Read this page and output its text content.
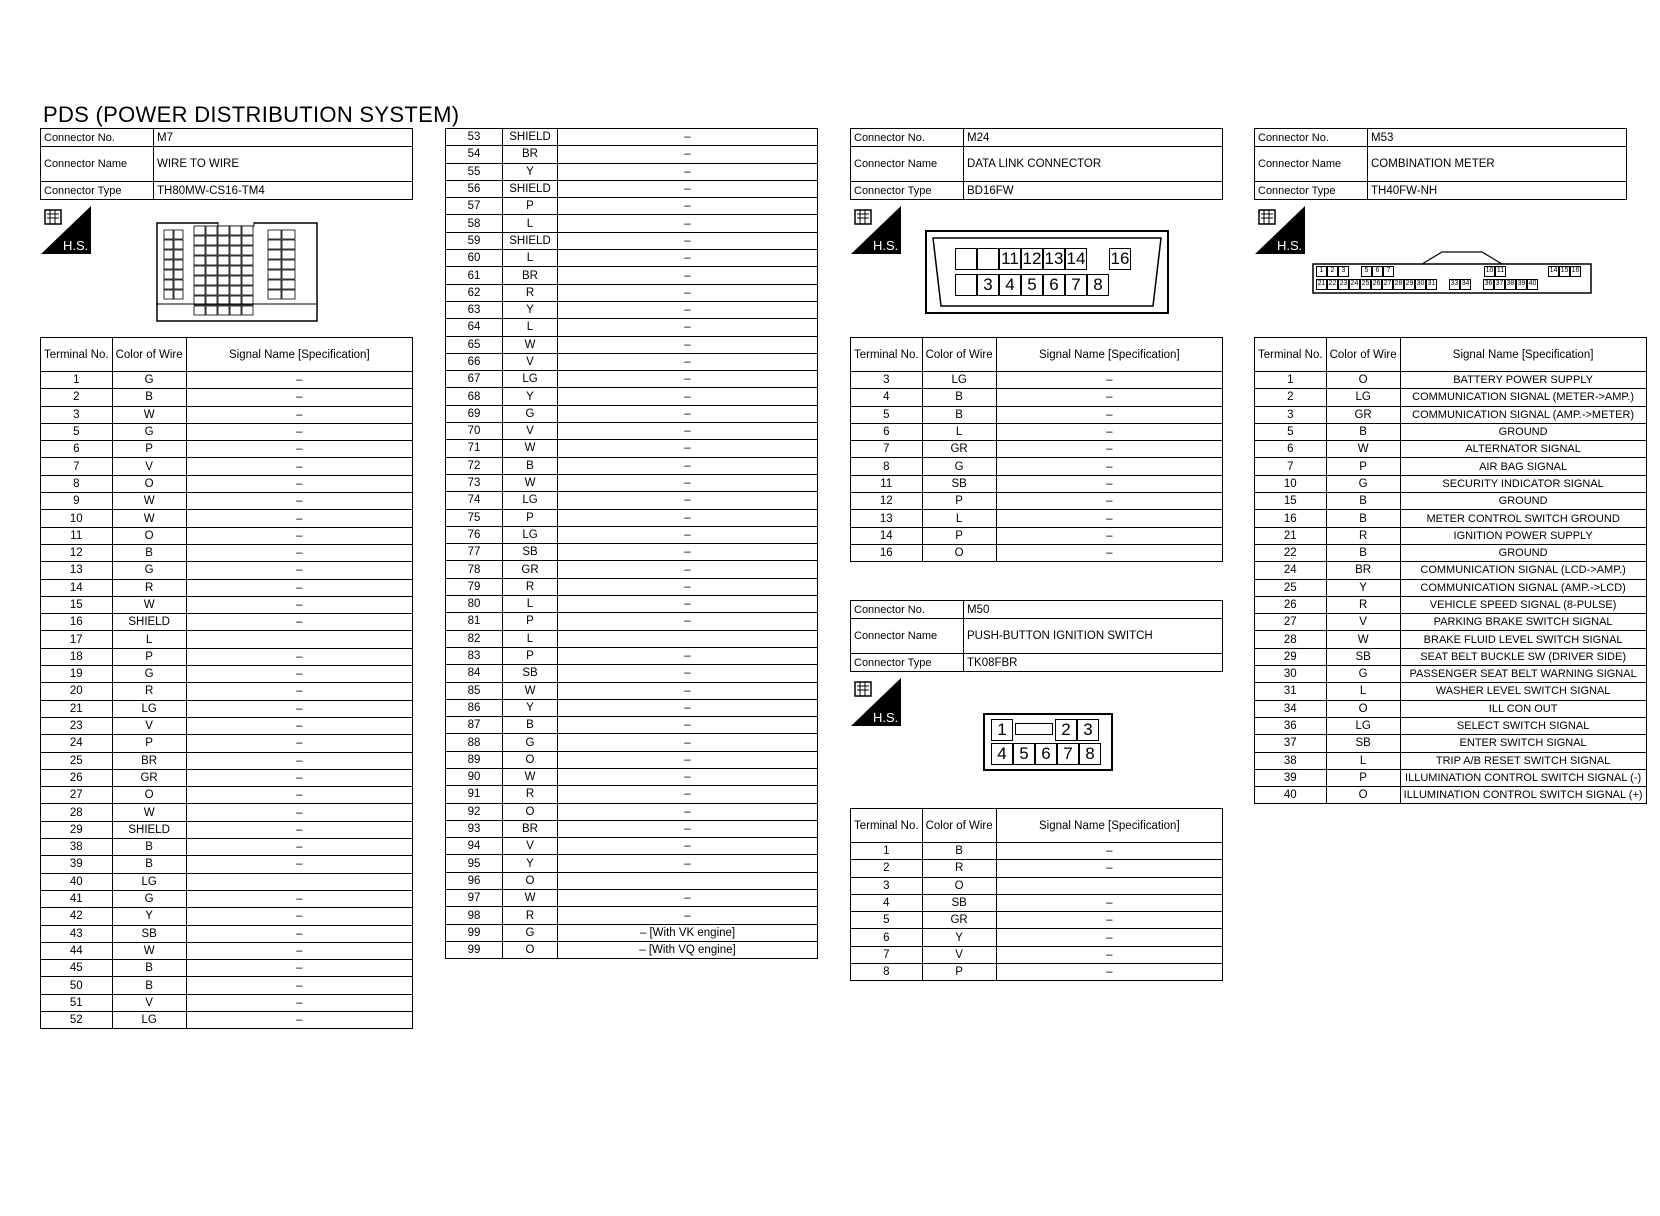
PDS (POWER DISTRIBUTION SYSTEM)
Connector No.	M7
Connector Name	WIRE TO WIRE
Connector Type	TH80MW-CS16-TM4
H.S.
Terminal No.	Color of Wire	Signal Name [Specification]
1	G	–
2	B	–
3	W	–
5	G	–
6	P	–
7	V	–
8	O	–
9	W	–
10	W	–
11	O	–
12	B	–
13	G	–
14	R	–
15	W	–
16	SHIELD	–
17	L	
18	P	–
19	G	–
20	R	–
21	LG	–
23	V	–
24	P	–
25	BR	–
26	GR	–
27	O	–
28	W	–
29	SHIELD	–
38	B	–
39	B	–
40	LG	
41	G	–
42	Y	–
43	SB	–
44	W	–
45	B	–
50	B	–
51	V	–
52	LG	–
53	SHIELD	–
54	BR	–
55	Y	–
56	SHIELD	–
57	P	–
58	L	–
59	SHIELD	–
60	L	–
61	BR	–
62	R	–
63	Y	–
64	L	–
65	W	–
66	V	–
67	LG	–
68	Y	–
69	G	–
70	V	–
71	W	–
72	B	–
73	W	–
74	LG	–
75	P	–
76	LG	–
77	SB	–
78	GR	–
79	R	–
80	L	–
81	P	–
82	L	
83	P	–
84	SB	–
85	W	–
86	Y	–
87	B	–
88	G	–
89	O	–
90	W	–
91	R	–
92	O	–
93	BR	–
94	V	–
95	Y	–
96	O	
97	W	–
98	R	–
99	G	– [With VK engine]
99	O	– [With VQ engine]
Connector No.	M24
Connector Name	DATA LINK CONNECTOR
Connector Type	BD16FW
H.S.
11 12 13 14 16
3 4 5 6 7 8
Terminal No.	Color of Wire	Signal Name [Specification]
3	LG	–
4	B	–
5	B	–
6	L	–
7	GR	–
8	G	–
11	SB	–
12	P	–
13	L	–
14	P	–
16	O	–
Connector No.	M50
Connector Name	PUSH-BUTTON IGNITION SWITCH
Connector Type	TK08FBR
H.S.
1	2 3
4 5 6 7 8
Terminal No.	Color of Wire	Signal Name [Specification]
1	B	–
2	R	–
3	O	
4	SB	–
5	GR	–
6	Y	–
7	V	–
8	P	–
Connector No.	M53
Connector Name	COMBINATION METER
Connector Type	TH40FW-NH
H.S.
1	2	3	5	6	7	10 11	14 15 16
21 22 23 24 25 26 27 28 29 30 31 33 34 36 37 38 39 40
Terminal No.	Color of Wire	Signal Name [Specification]
1	O	BATTERY POWER SUPPLY
2	LG	COMMUNICATION SIGNAL (METER->AMP.)
3	GR	COMMUNICATION SIGNAL (AMP.->METER)
5	B	GROUND
6	W	ALTERNATOR SIGNAL
7	P	AIR BAG SIGNAL
10	G	SECURITY INDICATOR SIGNAL
15	B	GROUND
16	B	METER CONTROL SWITCH GROUND
21	R	IGNITION POWER SUPPLY
22	B	GROUND
24	BR	COMMUNICATION SIGNAL (LCD->AMP.)
25	Y	COMMUNICATION SIGNAL (AMP.->LCD)
26	R	VEHICLE SPEED SIGNAL (8-PULSE)
27	V	PARKING BRAKE SWITCH SIGNAL
28	W	BRAKE FLUID LEVEL SWITCH SIGNAL
29	SB	SEAT BELT BUCKLE SW (DRIVER SIDE)
30	G	PASSENGER SEAT BELT WARNING SIGNAL
31	L	WASHER LEVEL SWITCH SIGNAL
34	O	ILL CON OUT
36	LG	SELECT SWITCH SIGNAL
37	SB	ENTER SWITCH SIGNAL
38	L	TRIP A/B RESET SWITCH SIGNAL
39	P	ILLUMINATION CONTROL SWITCH SIGNAL (-)
40	O	ILLUMINATION CONTROL SWITCH SIGNAL (+)
